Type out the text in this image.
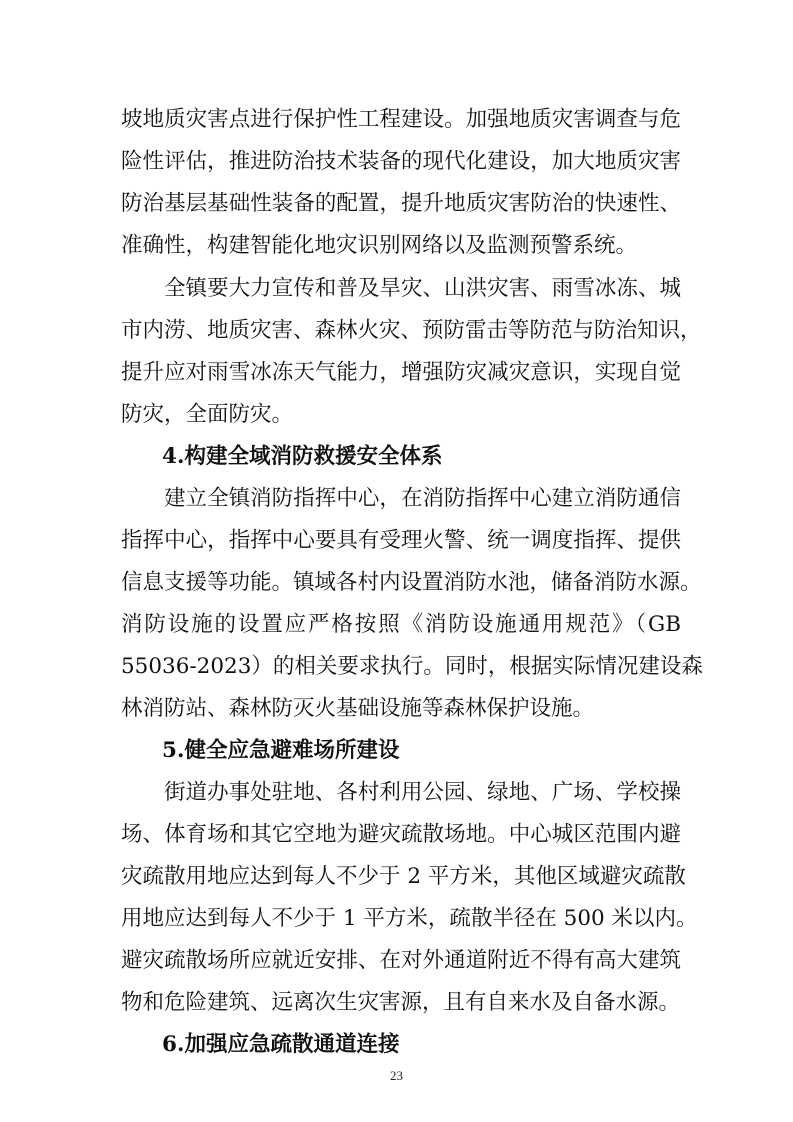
坡地质灾害点进行保护性工程建设。加强地质灾害调查与危
险性评估，推进防治技术装备的现代化建设，加大地质灾害
防治基层基础性装备的配置，提升地质灾害防治的快速性、
准确性，构建智能化地灾识别网络以及监测预警系统。
全镇要大力宣传和普及旱灾、山洪灾害、雨雪冰冻、城
市内涝、地质灾害、森林火灾、预防雷击等防范与防治知识，
提升应对雨雪冰冻天气能力，增强防灾减灾意识，实现自觉
防灾，全面防灾。
4.构建全域消防救援安全体系
建立全镇消防指挥中心，在消防指挥中心建立消防通信
指挥中心，指挥中心要具有受理火警、统一调度指挥、提供
信息支援等功能。镇域各村内设置消防水池，储备消防水源。
消防设施的设置应严格按照《消防设施通用规范》（GB
55036-2023）的相关要求执行。同时，根据实际情况建设森
林消防站、森林防灭火基础设施等森林保护设施。
5.健全应急避难场所建设
街道办事处驻地、各村利用公园、绿地、广场、学校操
场、体育场和其它空地为避灾疏散场地。中心城区范围内避
灾疏散用地应达到每人不少于 2 平方米，其他区域避灾疏散
用地应达到每人不少于 1 平方米，疏散半径在 500 米以内。
避灾疏散场所应就近安排、在对外通道附近不得有高大建筑
物和危险建筑、远离次生灾害源，且有自来水及自备水源。
6.加强应急疏散通道连接
23
